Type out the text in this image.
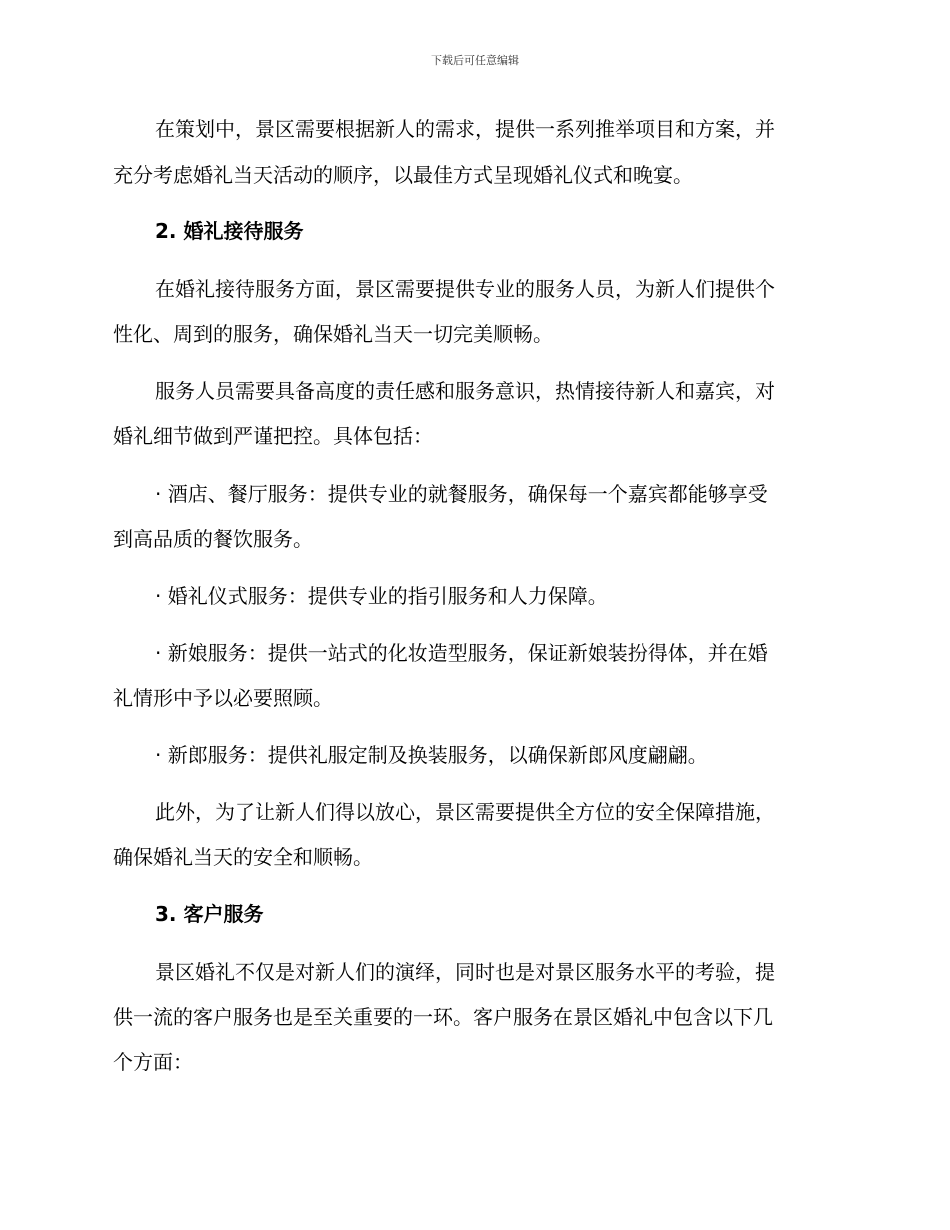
下载后可任意编辑
在策划中，景区需要根据新人的需求，提供一系列推举项目和方案，并
充分考虑婚礼当天活动的顺序，以最佳方式呈现婚礼仪式和晚宴。
2. 婚礼接待服务
在婚礼接待服务方面，景区需要提供专业的服务人员，为新人们提供个
性化、周到的服务，确保婚礼当天一切完美顺畅。
服务人员需要具备高度的责任感和服务意识，热情接待新人和嘉宾，对
婚礼细节做到严谨把控。具体包括：
· 酒店、餐厅服务：提供专业的就餐服务，确保每一个嘉宾都能够享受
到高品质的餐饮服务。
· 婚礼仪式服务：提供专业的指引服务和人力保障。
· 新娘服务：提供一站式的化妆造型服务，保证新娘装扮得体，并在婚
礼情形中予以必要照顾。
· 新郎服务：提供礼服定制及换装服务，以确保新郎风度翩翩。
此外，为了让新人们得以放心，景区需要提供全方位的安全保障措施，
确保婚礼当天的安全和顺畅。
3. 客户服务
景区婚礼不仅是对新人们的演绎，同时也是对景区服务水平的考验，提
供一流的客户服务也是至关重要的一环。客户服务在景区婚礼中包含以下几
个方面：
